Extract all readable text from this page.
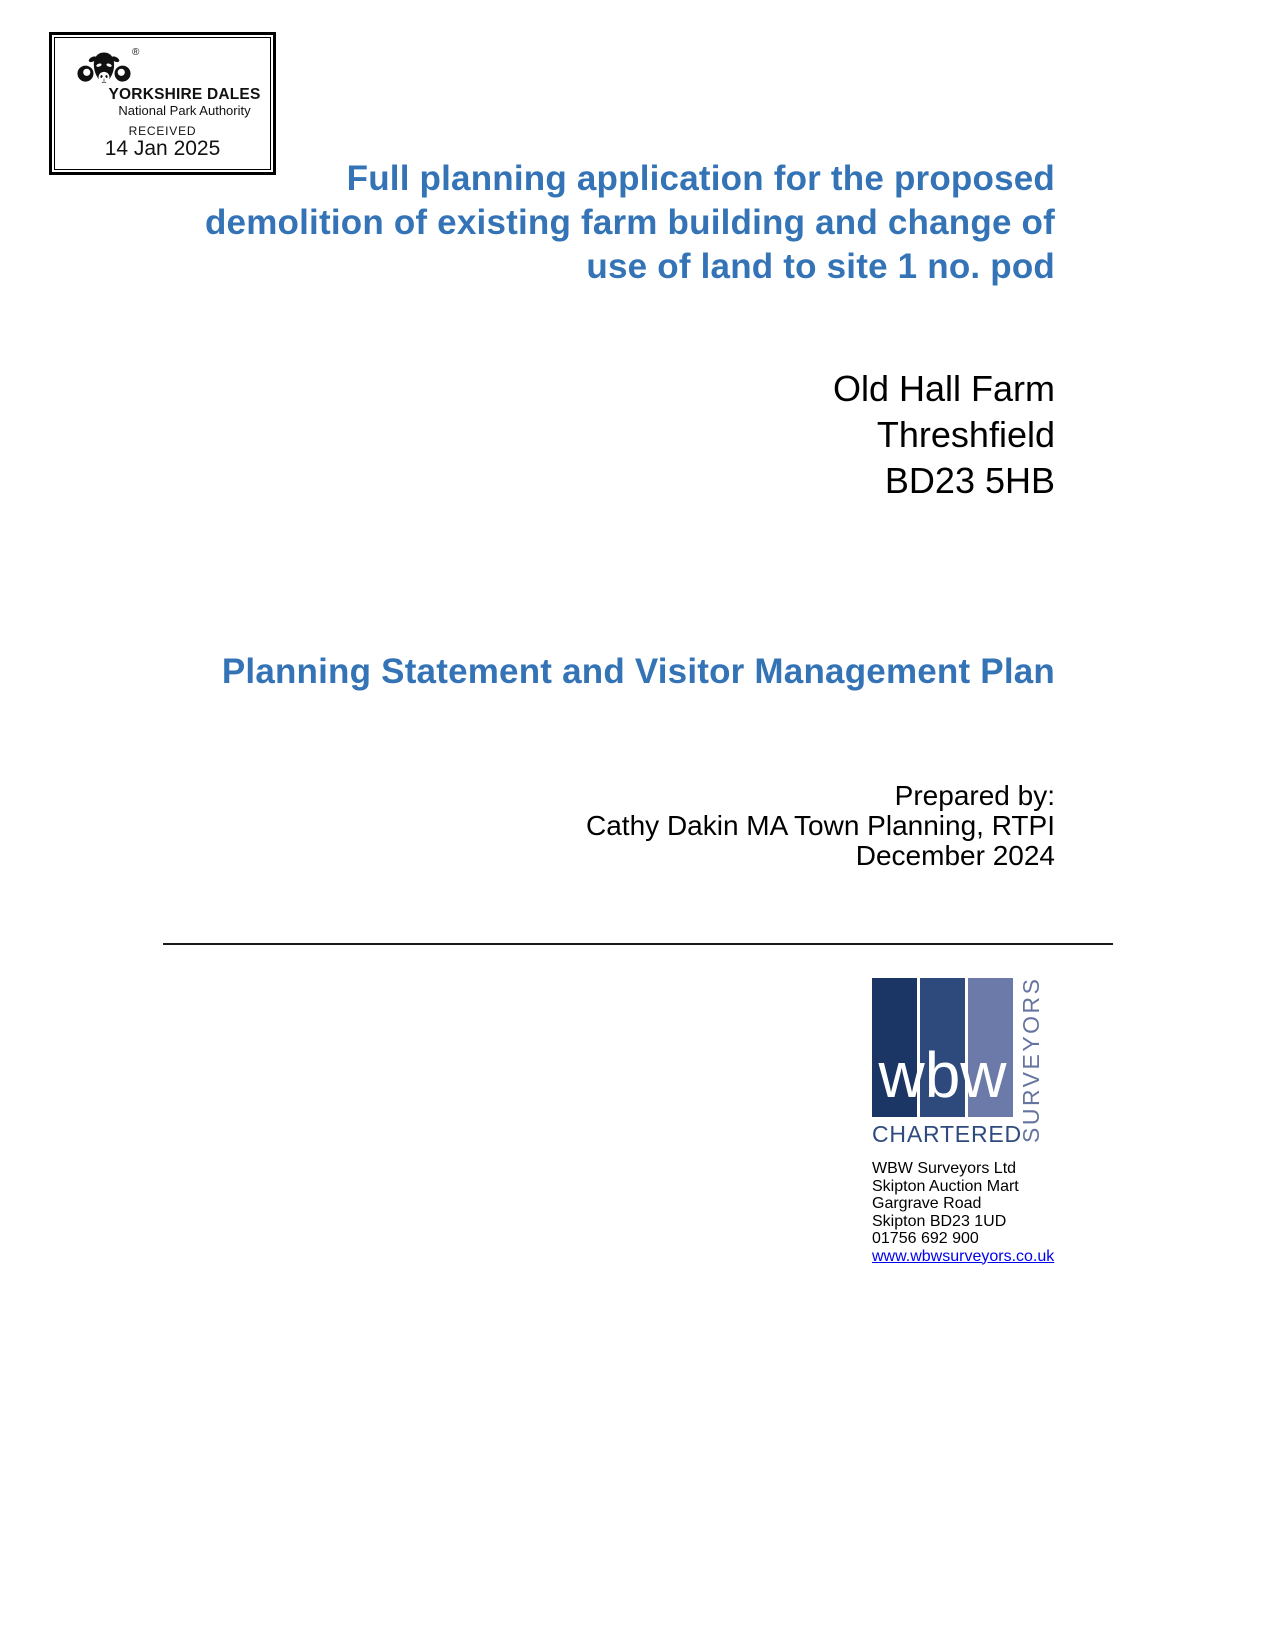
®
YORKSHIRE DALES
National Park Authority
RECEIVED
14 Jan 2025
Full planning application for the proposed
demolition of existing farm building and change of
use of land to site 1 no. pod
Old Hall Farm
Threshfield
BD23 5HB
Planning Statement and Visitor Management Plan
Prepared by:
Cathy Dakin MA Town Planning, RTPI
December 2024
wbw
CHARTERED
SURVEYORS
WBW Surveyors Ltd
Skipton Auction Mart
Gargrave Road
Skipton BD23 1UD
01756 692 900
www.wbwsurveyors.co.uk
